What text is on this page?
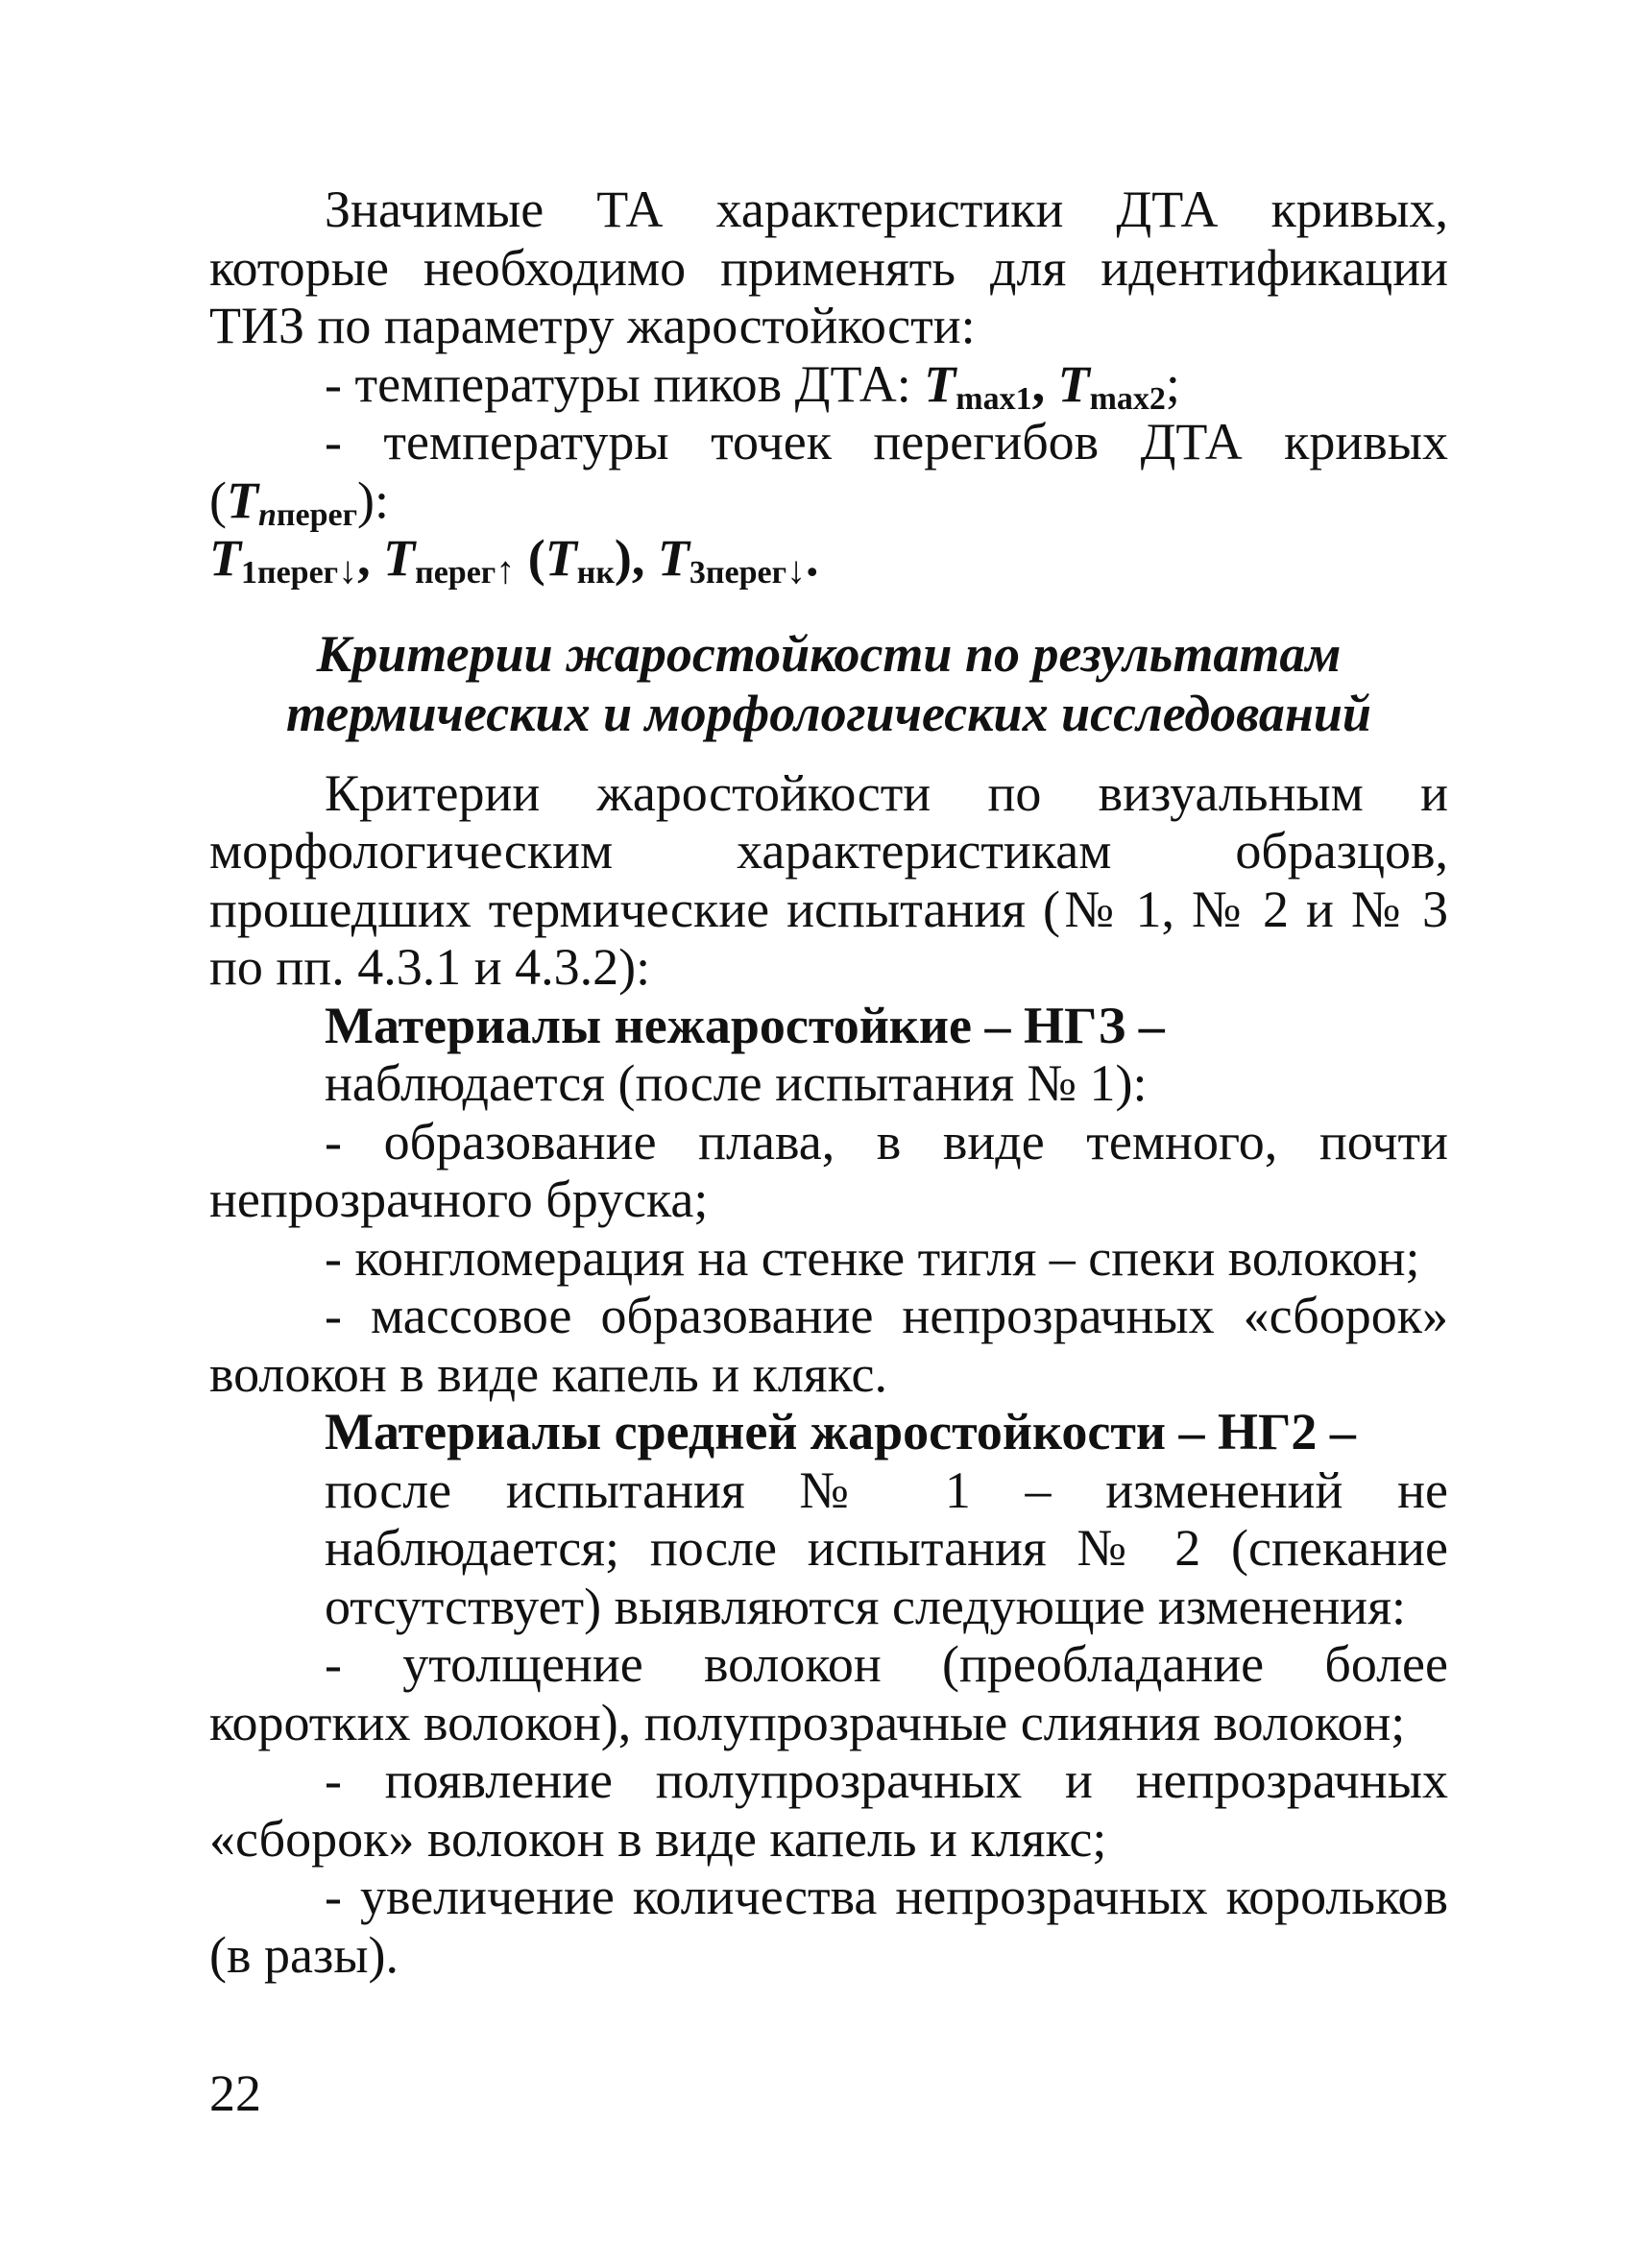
Значимые ТА характеристики ДТА кривых, которые необходимо применять для идентификации ТИЗ по параметру жаростойкости:

- температуры пиков ДТА: $T_{max1}$, $T_{max2}$;

- температуры точек перегибов ДТА кривых $(T_{nперег})$:

$T_{1перег↓}$, $T_{перег↑}$ $(T_{нк})$, $T_{3перег↓}$.

Критерии жаростойкости по результатам
термических и морфологических исследований

Критерии жаростойкости по визуальным и морфологическим характеристикам образцов, прошедших термические испытания (№ 1, № 2 и № 3 по пп. 4.3.1 и 4.3.2):

Материалы нежаростойкие – НГЗ –

наблюдается (после испытания № 1):

- образование плава, в виде темного, почти непрозрачного бруска;

- конгломерация на стенке тигля – спеки волокон;

- массовое образование непрозрачных «сборок» волокон в виде капель и клякс.

Материалы средней жаростойкости – НГ2 –

после испытания № 1 – изменений не наблюдается; после испытания № 2 (спекание отсутствует) выявляются следующие изменения:

- утолщение волокон (преобладание более коротких волокон), полупрозрачные слияния волокон;

- появление полупрозрачных и непрозрачных «сборок» волокон в виде капель и клякс;

- увеличение количества непрозрачных корольков (в разы).

22
